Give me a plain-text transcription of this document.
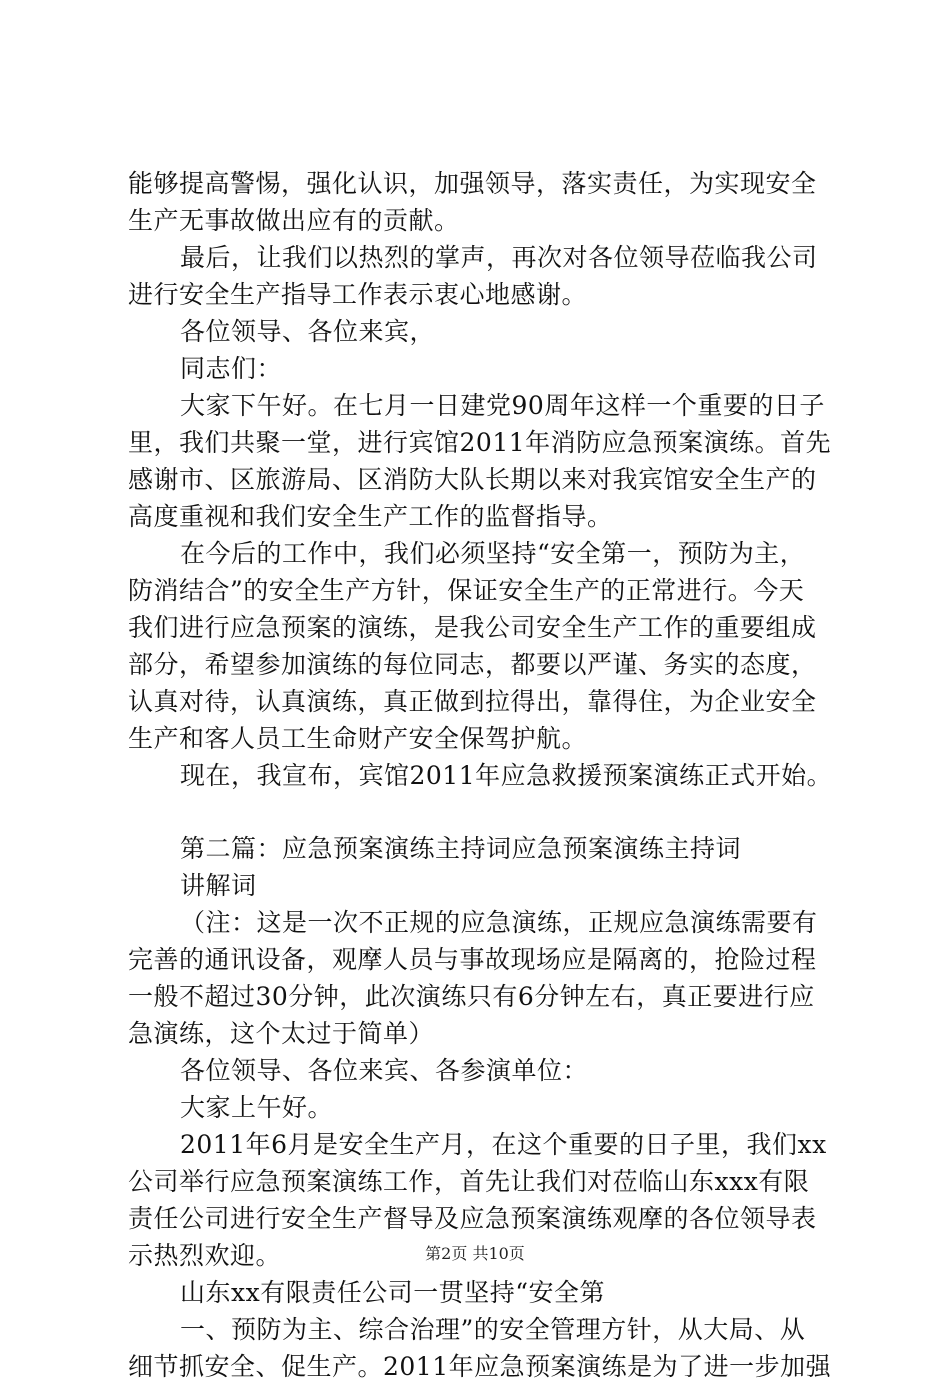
能够提高警惕，强化认识，加强领导，落实责任，为实现安全
生产无事故做出应有的贡献。
最后，让我们以热烈的掌声，再次对各位领导莅临我公司
进行安全生产指导工作表示衷心地感谢。
各位领导、各位来宾，
同志们：
大家下午好。在七月一日建党90周年这样一个重要的日子
里，我们共聚一堂，进行宾馆2011年消防应急预案演练。首先
感谢市、区旅游局、区消防大队长期以来对我宾馆安全生产的
高度重视和我们安全生产工作的监督指导。
在今后的工作中，我们必须坚持“安全第一，预防为主，
防消结合”的安全生产方针，保证安全生产的正常进行。今天
我们进行应急预案的演练，是我公司安全生产工作的重要组成
部分，希望参加演练的每位同志，都要以严谨、务实的态度，
认真对待，认真演练，真正做到拉得出，靠得住，为企业安全
生产和客人员工生命财产安全保驾护航。
现在，我宣布，宾馆2011年应急救援预案演练正式开始。
第二篇：应急预案演练主持词应急预案演练主持词
讲解词
（注：这是一次不正规的应急演练，正规应急演练需要有
完善的通讯设备，观摩人员与事故现场应是隔离的，抢险过程
一般不超过30分钟，此次演练只有6分钟左右，真正要进行应
急演练，这个太过于简单）
各位领导、各位来宾、各参演单位：
大家上午好。
2011年6月是安全生产月，在这个重要的日子里，我们xx
公司举行应急预案演练工作，首先让我们对莅临山东xxx有限
责任公司进行安全生产督导及应急预案演练观摩的各位领导表
示热烈欢迎。
山东xx有限责任公司一贯坚持“安全第
一、预防为主、综合治理”的安全管理方针，从大局、从
细节抓安全、促生产。2011年应急预案演练是为了进一步加强
第2页 共10页
